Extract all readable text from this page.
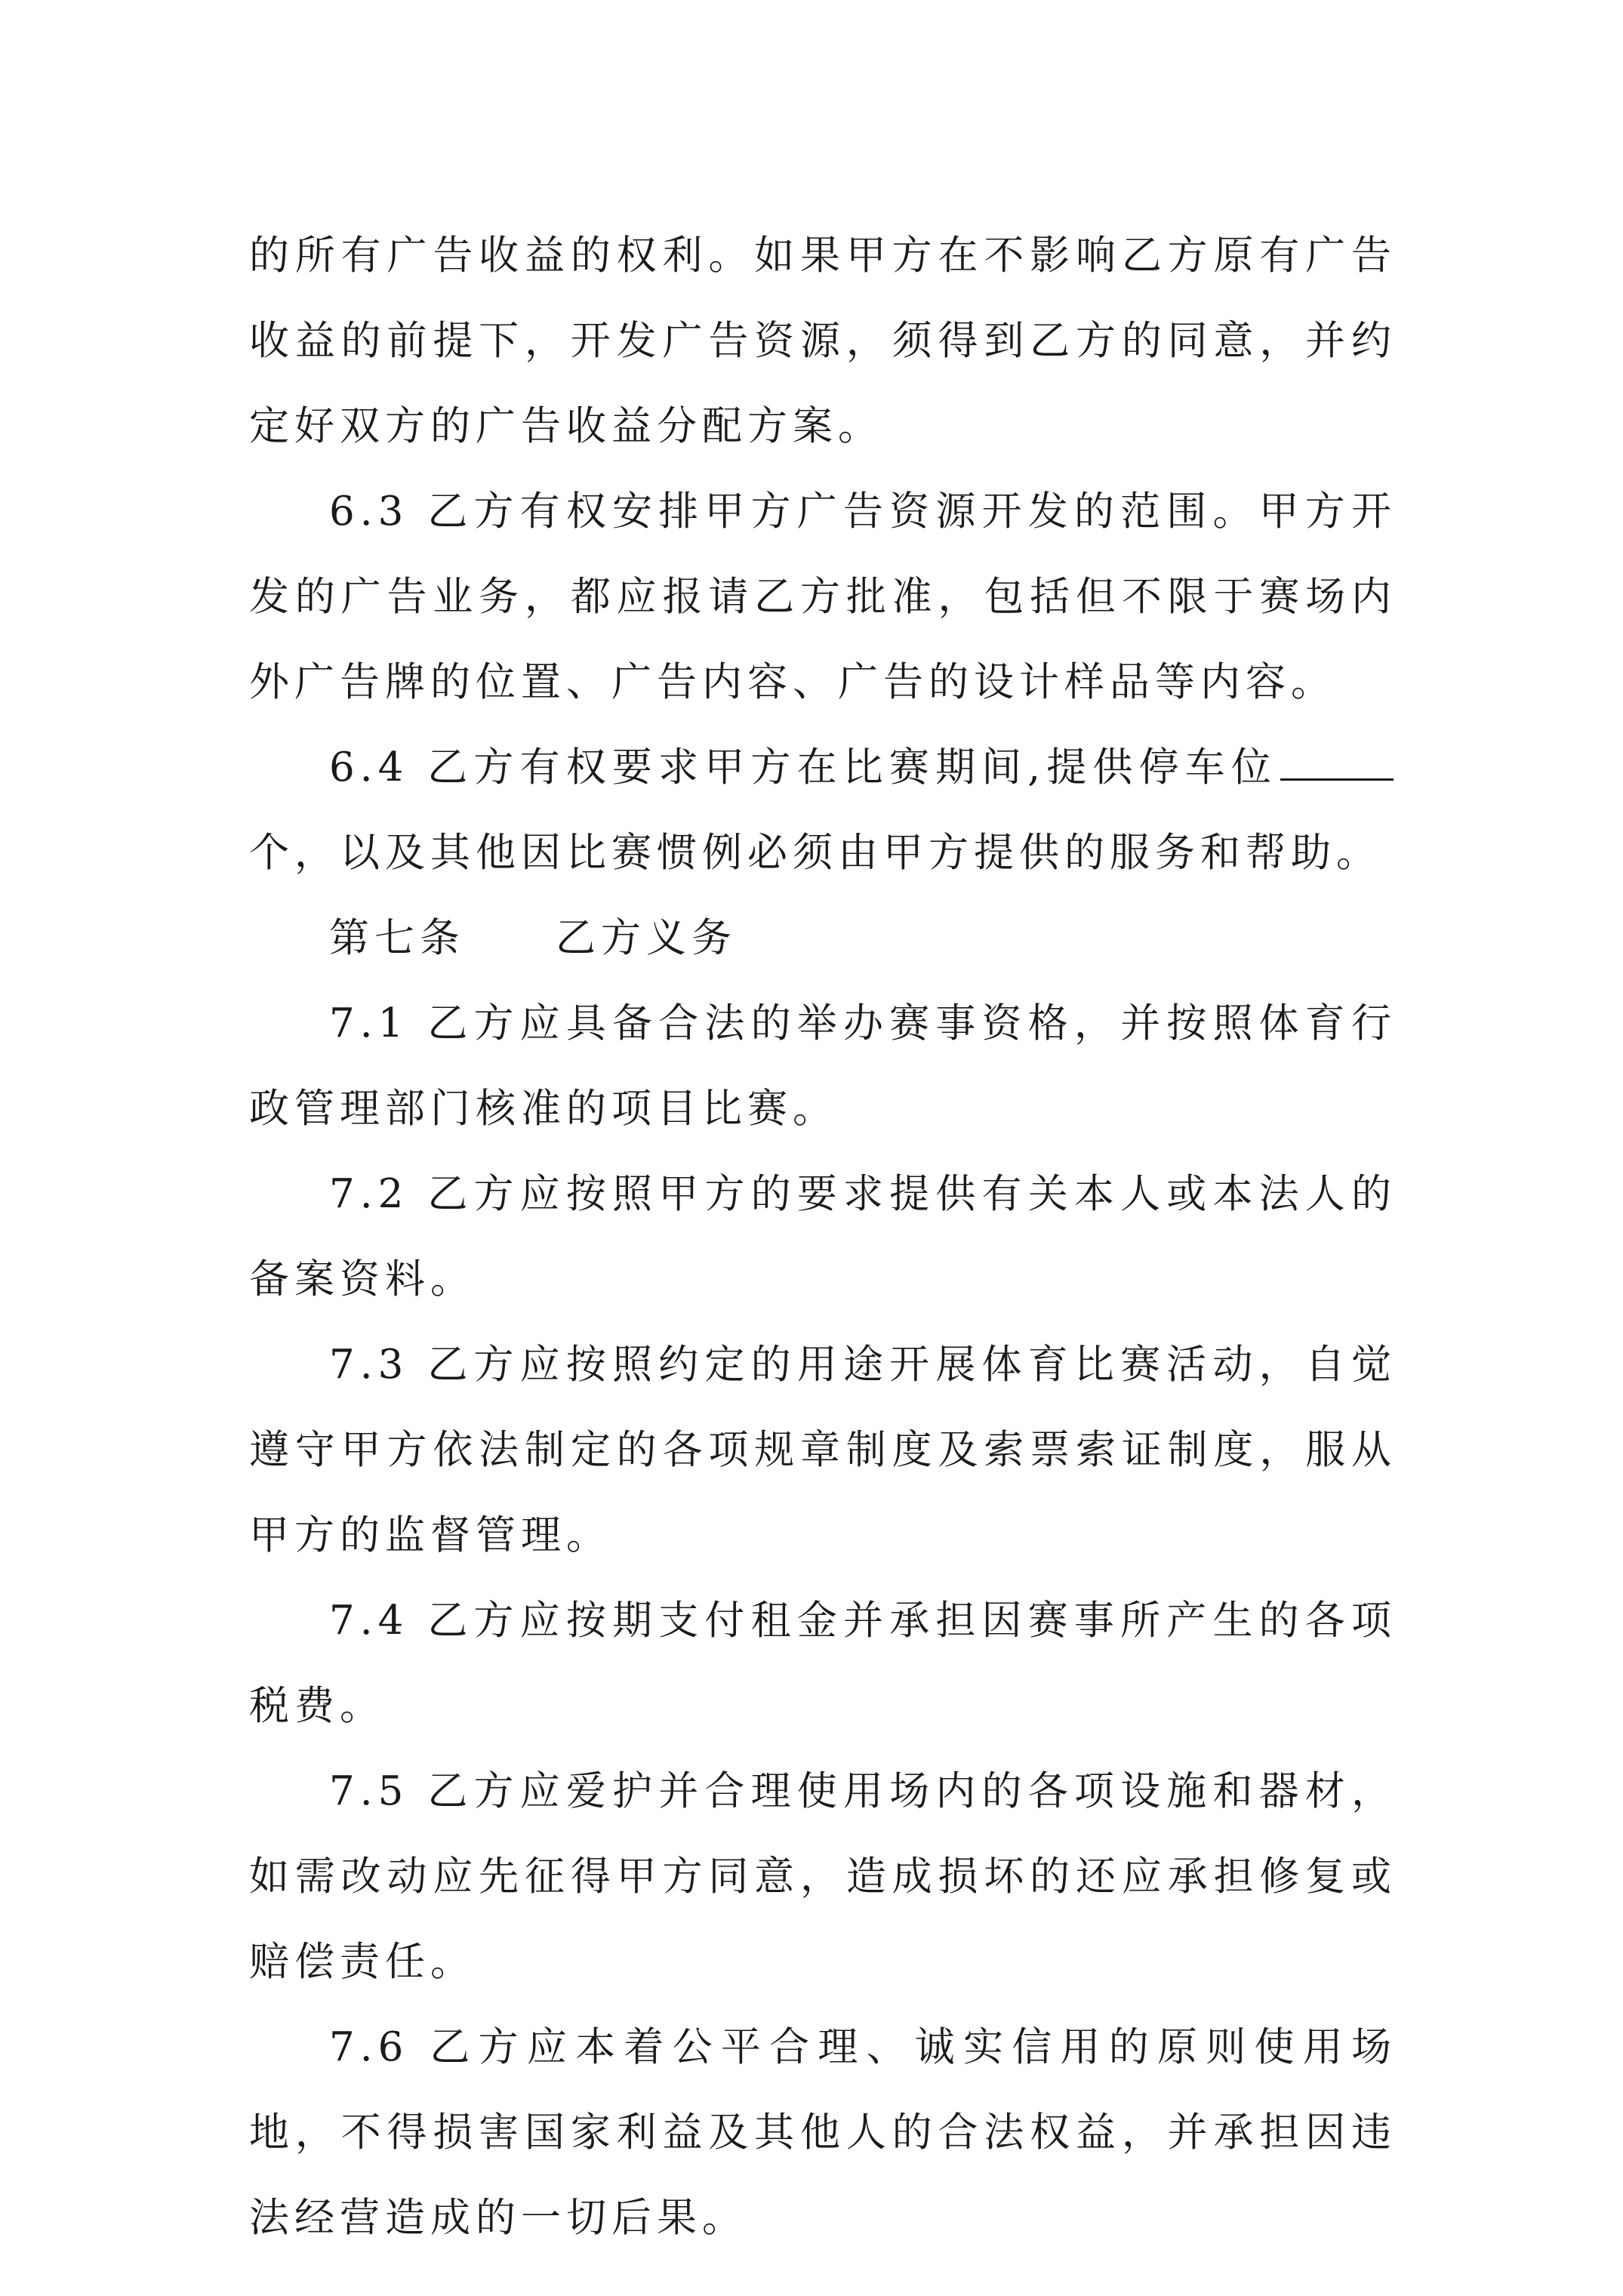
的所有广告收益的权利。如果甲方在不影响乙方原有广告收益的前提下，开发广告资源，须得到乙方的同意，并约定好双方的广告收益分配方案。

6.3 乙方有权安排甲方广告资源开发的范围。甲方开发的广告业务，都应报请乙方批准，包括但不限于赛场内外广告牌的位置、广告内容、广告的设计样品等内容。

6.4 乙方有权要求甲方在比赛期间,提供停车位个，以及其他因比赛惯例必须由甲方提供的服务和帮助。

第七条　　乙方义务

7.1 乙方应具备合法的举办赛事资格，并按照体育行政管理部门核准的项目比赛。

7.2 乙方应按照甲方的要求提供有关本人或本法人的备案资料。

7.3 乙方应按照约定的用途开展体育比赛活动，自觉遵守甲方依法制定的各项规章制度及索票索证制度，服从甲方的监督管理。

7.4 乙方应按期支付租金并承担因赛事所产生的各项税费。

7.5 乙方应爱护并合理使用场内的各项设施和器材，如需改动应先征得甲方同意，造成损坏的还应承担修复或赔偿责任。

7.6 乙方应本着公平合理、诚实信用的原则使用场地，不得损害国家利益及其他人的合法权益，并承担因违法经营造成的一切后果。
